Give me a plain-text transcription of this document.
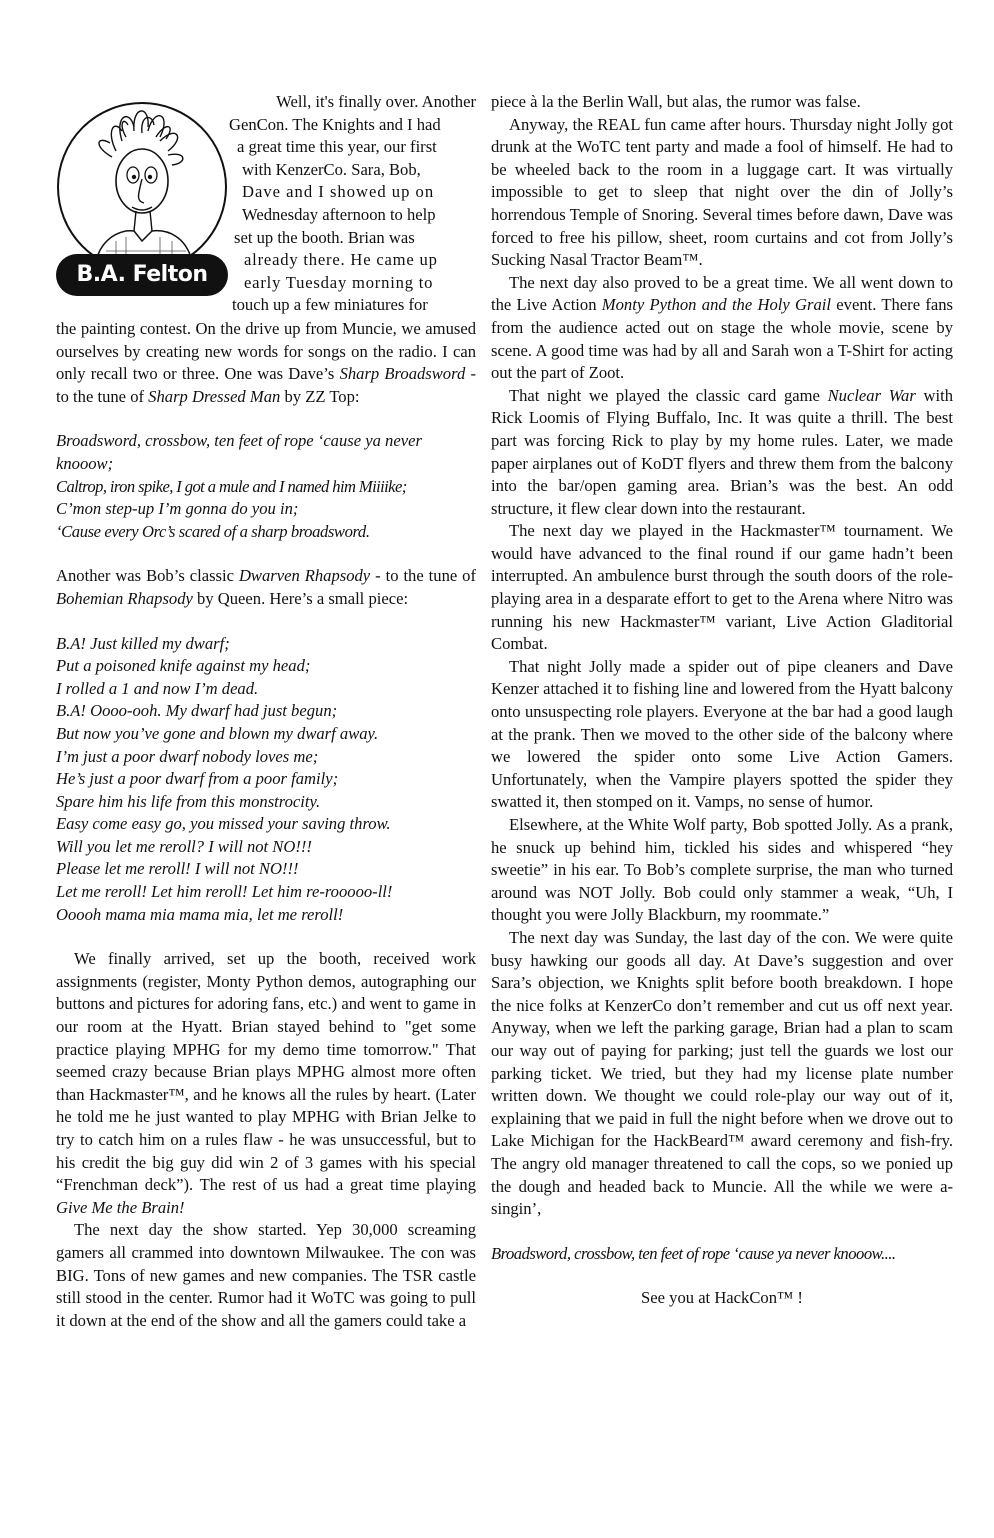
B.A. Felton

Well, it's finally over. Another

GenCon. The Knights and I had

a great time this year, our first

with KenzerCo. Sara, Bob,

Dave and I showed up on

Wednesday afternoon to help

set up the booth. Brian was

already there. He came up

early Tuesday morning to

touch up a few miniatures for

the painting contest. On the drive up from Muncie, we amused ourselves by creating new words for songs on the radio. I can only recall two or three. One was Dave’s Sharp Broadsword - to the tune of Sharp Dressed Man by ZZ Top:

Broadsword, crossbow, ten feet of rope ‘cause ya never knooow;

Caltrop, iron spike, I got a mule and I named him Miiiike;

C’mon step-up I’m gonna do you in;

‘Cause every Orc’s scared of a sharp broadsword.

Another was Bob’s classic Dwarven Rhapsody - to the tune of Bohemian Rhapsody by Queen. Here’s a small piece:

B.A! Just killed my dwarf;

Put a poisoned knife against my head;

I rolled a 1 and now I’m dead.

B.A! Oooo-ooh. My dwarf had just begun;

But now you’ve gone and blown my dwarf away.

I’m just a poor dwarf nobody loves me;

He’s just a poor dwarf from a poor family;

Spare him his life from this monstrocity.

Easy come easy go, you missed your saving throw.

Will you let me reroll? I will not NO!!!

Please let me reroll! I will not NO!!!

Let me reroll! Let him reroll! Let him re-rooooo-ll!

Ooooh mama mia mama mia, let me reroll!

We finally arrived, set up the booth, received work assignments (register, Monty Python demos, autographing our buttons and pictures for adoring fans, etc.) and went to game in our room at the Hyatt. Brian stayed behind to "get some practice playing MPHG for my demo time tomorrow." That seemed crazy because Brian plays MPHG almost more often than Hackmaster™, and he knows all the rules by heart. (Later he told me he just wanted to play MPHG with Brian Jelke to try to catch him on a rules flaw - he was unsuccessful, but to his credit the big guy did win 2 of 3 games with his special “Frenchman deck”). The rest of us had a great time playing Give Me the Brain!

The next day the show started. Yep 30,000 screaming gamers all crammed into downtown Milwaukee. The con was BIG. Tons of new games and new companies. The TSR castle still stood in the center. Rumor had it WoTC was going to pull it down at the end of the show and all the gamers could take a

piece à la the Berlin Wall, but alas, the rumor was false.

Anyway, the REAL fun came after hours. Thursday night Jolly got drunk at the WoTC tent party and made a fool of himself. He had to be wheeled back to the room in a luggage cart. It was virtually impossible to get to sleep that night over the din of Jolly’s horrendous Temple of Snoring. Several times before dawn, Dave was forced to free his pillow, sheet, room curtains and cot from Jolly’s Sucking Nasal Tractor Beam™.

The next day also proved to be a great time. We all went down to the Live Action Monty Python and the Holy Grail event. There fans from the audience acted out on stage the whole movie, scene by scene. A good time was had by all and Sarah won a T-Shirt for acting out the part of Zoot.

That night we played the classic card game Nuclear War with Rick Loomis of Flying Buffalo, Inc. It was quite a thrill. The best part was forcing Rick to play by my home rules. Later, we made paper airplanes out of KoDT flyers and threw them from the balcony into the bar/open gaming area. Brian’s was the best. An odd structure, it flew clear down into the restaurant.

The next day we played in the Hackmaster™ tournament. We would have advanced to the final round if our game hadn’t been interrupted. An ambulence burst through the south doors of the role-playing area in a desparate effort to get to the Arena where Nitro was running his new Hackmaster™ variant, Live Action Gladitorial Combat.

That night Jolly made a spider out of pipe cleaners and Dave Kenzer attached it to fishing line and lowered from the Hyatt balcony onto unsuspecting role players. Everyone at the bar had a good laugh at the prank. Then we moved to the other side of the balcony where we lowered the spider onto some Live Action Gamers. Unfortunately, when the Vampire players spotted the spider they swatted it, then stomped on it. Vamps, no sense of humor.

Elsewhere, at the White Wolf party, Bob spotted Jolly. As a prank, he snuck up behind him, tickled his sides and whispered “hey sweetie” in his ear. To Bob’s complete surprise, the man who turned around was NOT Jolly. Bob could only stammer a weak, “Uh, I thought you were Jolly Blackburn, my roommate.”

The next day was Sunday, the last day of the con. We were quite busy hawking our goods all day. At Dave’s suggestion and over Sara’s objection, we Knights split before booth breakdown. I hope the nice folks at KenzerCo don’t remember and cut us off next year. Anyway, when we left the parking garage, Brian had a plan to scam our way out of paying for parking; just tell the guards we lost our parking ticket. We tried, but they had my license plate number written down. We thought we could role-play our way out of it, explaining that we paid in full the night before when we drove out to Lake Michigan for the HackBeard™ award ceremony and fish-fry. The angry old manager threatened to call the cops, so we ponied up the dough and headed back to Muncie. All the while we were a-singin’,

Broadsword, crossbow, ten feet of rope ‘cause ya never knooow....

See you at HackCon™ !
